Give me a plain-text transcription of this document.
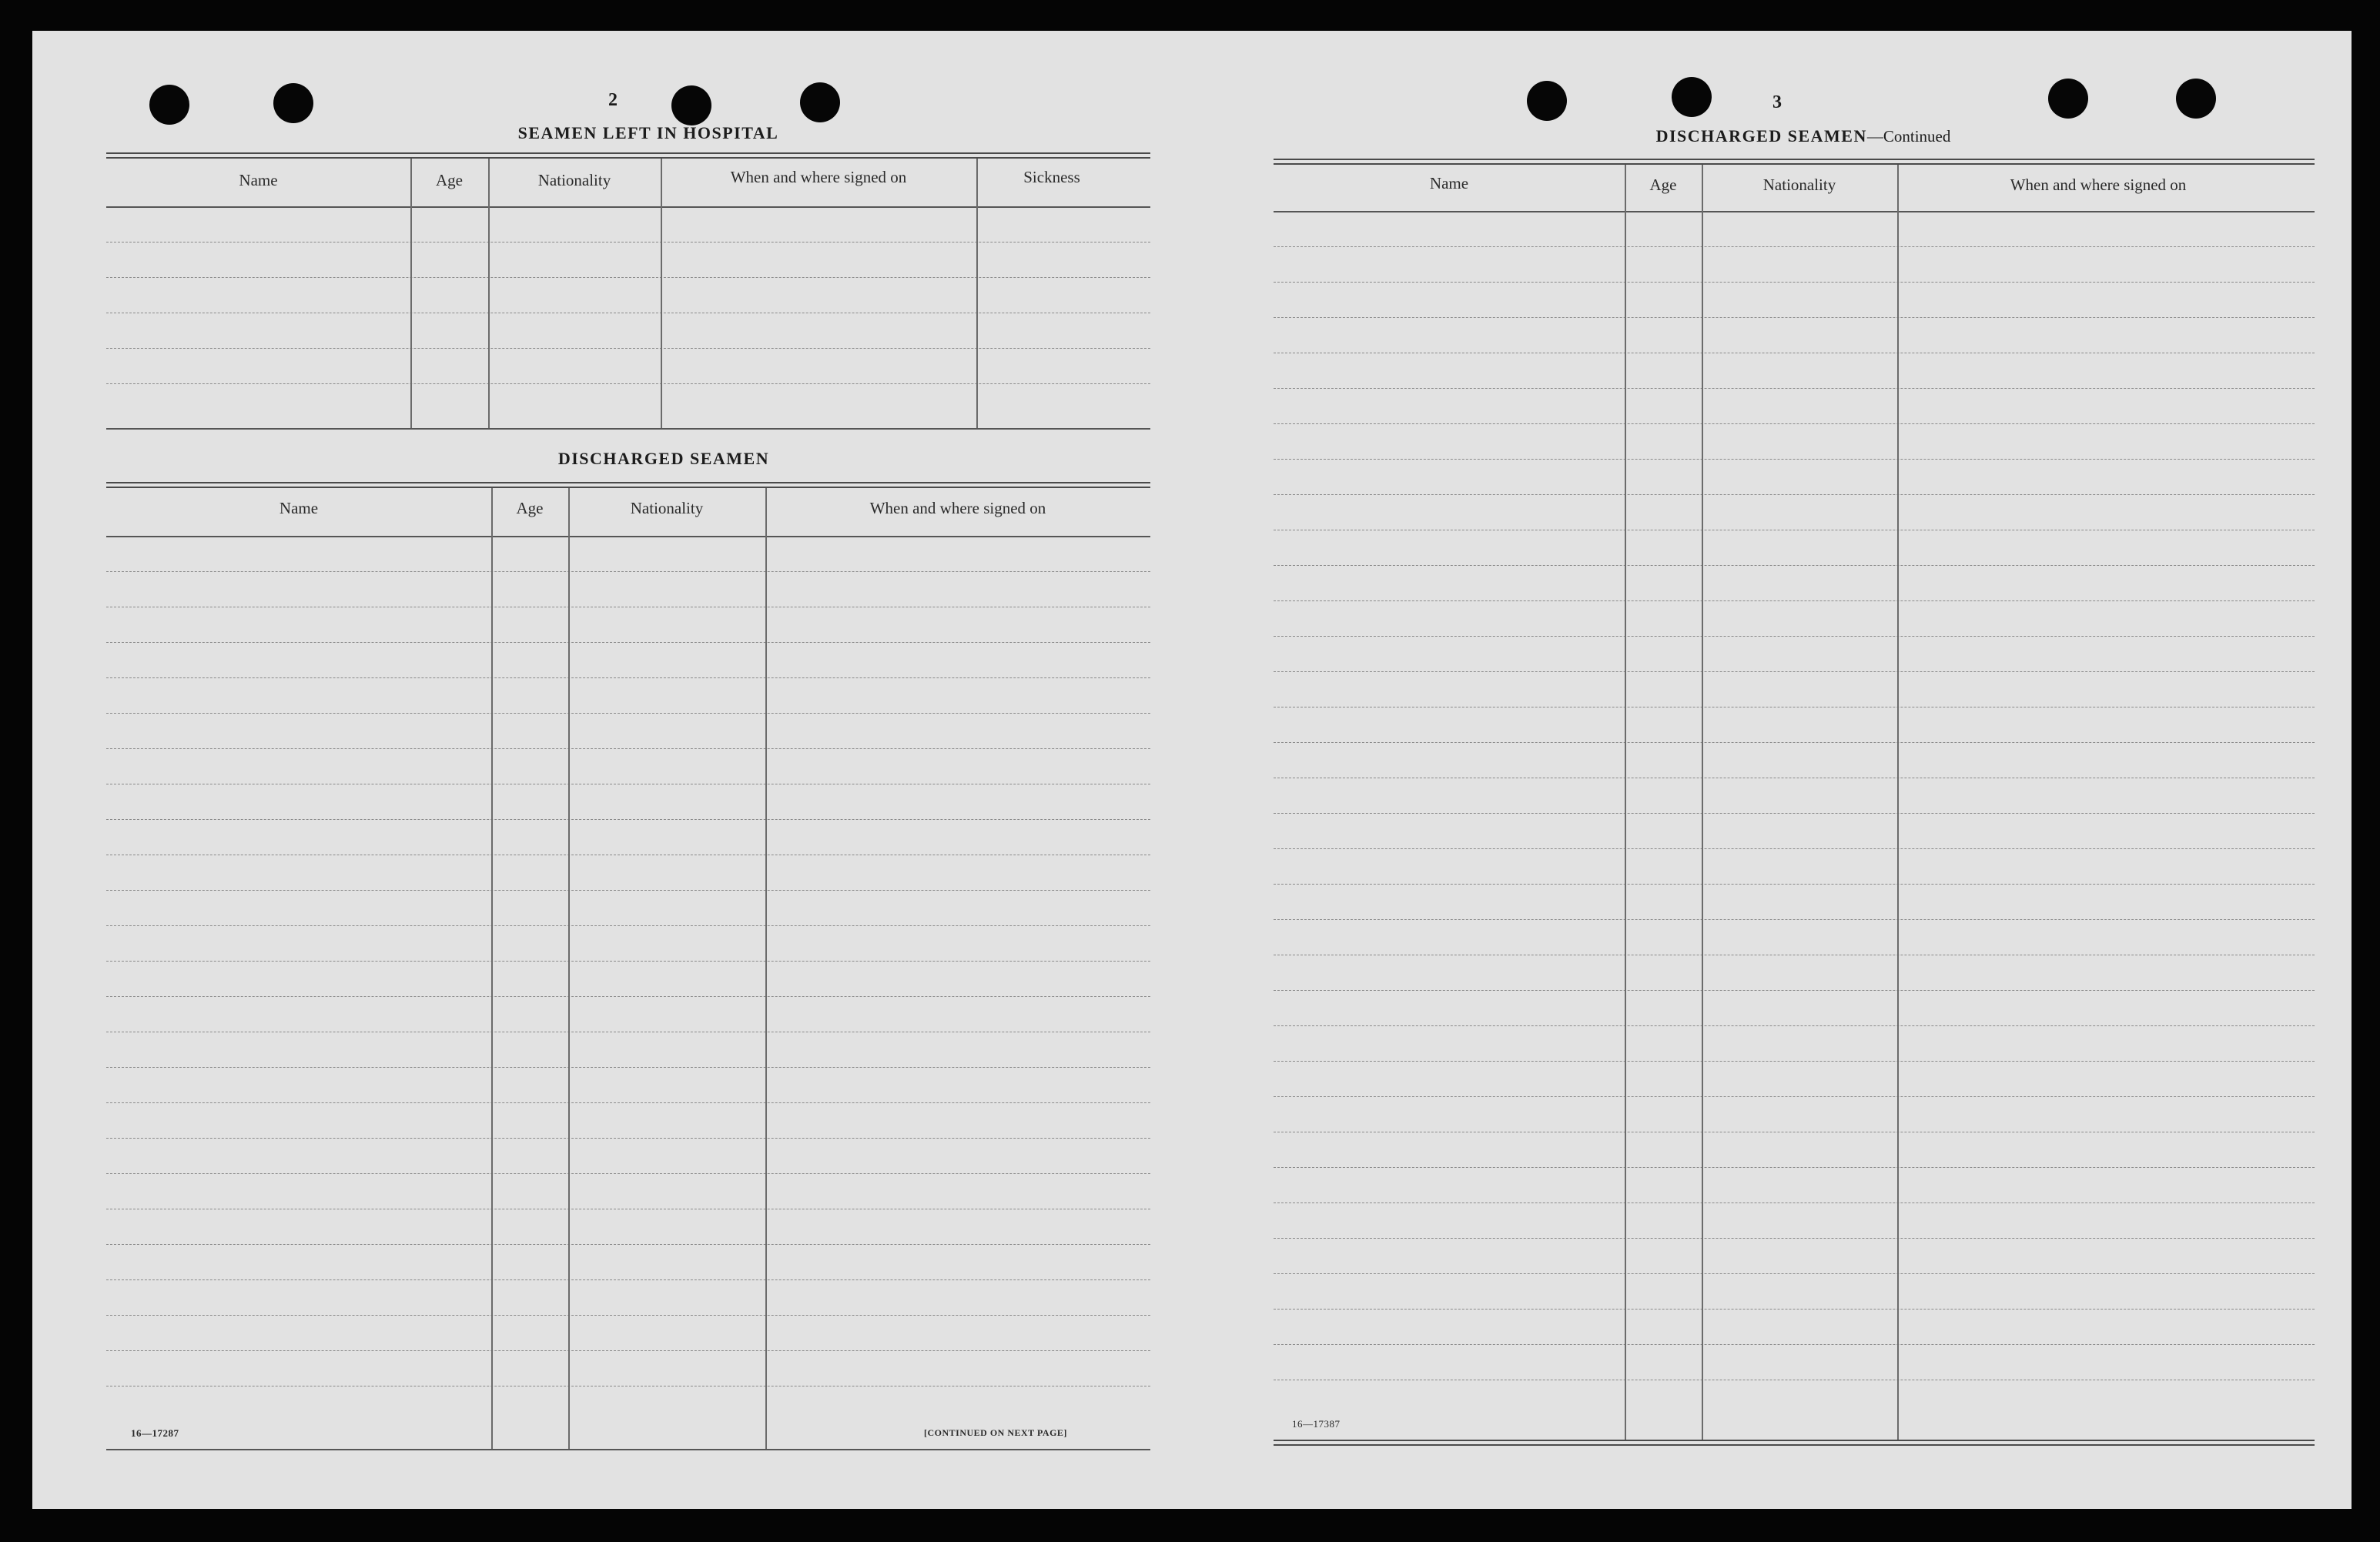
2
SEAMEN LEFT IN HOSPITAL
Name	Age	Nationality	When and where signed on	Sickness
DISCHARGED SEAMEN
Name	Age	Nationality	When and where signed on
16—17287	[CONTINUED ON NEXT PAGE]
3
DISCHARGED SEAMEN—Continued
Name	Age	Nationality	When and where signed on
16—17387
